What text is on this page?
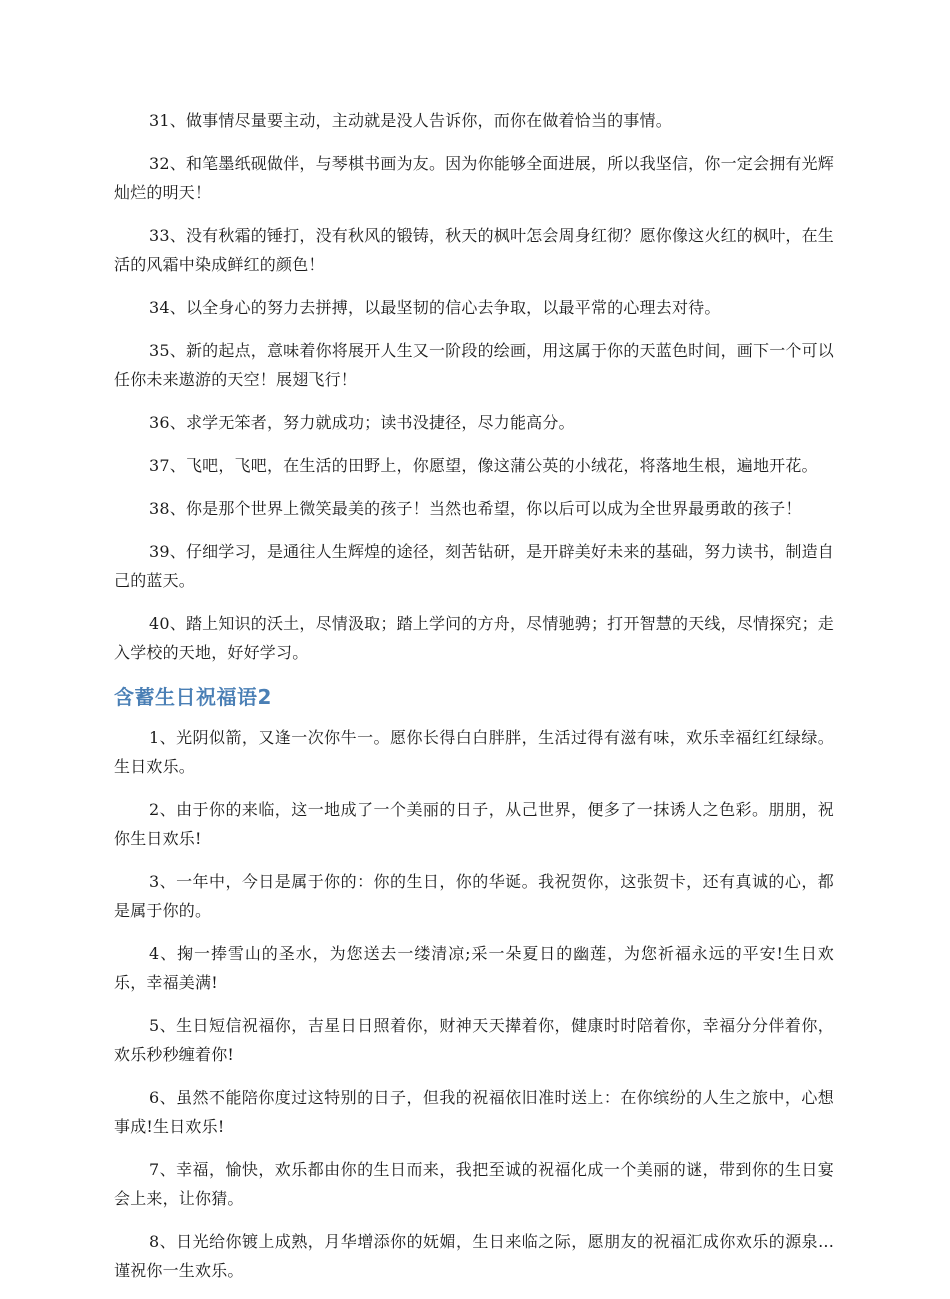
31、做事情尽量要主动，主动就是没人告诉你，而你在做着恰当的事情。

32、和笔墨纸砚做伴，与琴棋书画为友。因为你能够全面进展，所以我坚信，你一定会拥有光辉灿烂的明天！

33、没有秋霜的锤打，没有秋风的锻铸，秋天的枫叶怎会周身红彻？愿你像这火红的枫叶，在生活的风霜中染成鲜红的颜色！

34、以全身心的努力去拼搏，以最坚韧的信心去争取，以最平常的心理去对待。

35、新的起点，意味着你将展开人生又一阶段的绘画，用这属于你的天蓝色时间，画下一个可以任你未来遨游的天空！展翅飞行！

36、求学无笨者，努力就成功；读书没捷径，尽力能高分。

37、飞吧，飞吧，在生活的田野上，你愿望，像这蒲公英的小绒花，将落地生根，遍地开花。

38、你是那个世界上微笑最美的孩子！当然也希望，你以后可以成为全世界最勇敢的孩子！

39、仔细学习，是通往人生辉煌的途径，刻苦钻研，是开辟美好未来的基础，努力读书，制造自己的蓝天。

40、踏上知识的沃土，尽情汲取；踏上学问的方舟，尽情驰骋；打开智慧的天线，尽情探究；走入学校的天地，好好学习。

含蓄生日祝福语2

1、光阴似箭，又逢一次你牛一。愿你长得白白胖胖，生活过得有滋有味，欢乐幸福红红绿绿。生日欢乐。

2、由于你的来临，这一地成了一个美丽的日子，从己世界，便多了一抹诱人之色彩。朋朋，祝你生日欢乐!

3、一年中，今日是属于你的：你的生日，你的华诞。我祝贺你，这张贺卡，还有真诚的心，都是属于你的。

4、掬一捧雪山的圣水，为您送去一缕清凉;采一朵夏日的幽莲，为您祈福永远的平安!生日欢乐，幸福美满!

5、生日短信祝福你，吉星日日照着你，财神天天撵着你，健康时时陪着你，幸福分分伴着你，欢乐秒秒缠着你!

6、虽然不能陪你度过这特别的日子，但我的祝福依旧准时送上：在你缤纷的人生之旅中，心想事成!生日欢乐!

7、幸福，愉快，欢乐都由你的生日而来，我把至诚的祝福化成一个美丽的谜，带到你的生日宴会上来，让你猜。

8、日光给你镀上成熟，月华增添你的妩媚，生日来临之际，愿朋友的祝福汇成你欢乐的源泉...谨祝你一生欢乐。
